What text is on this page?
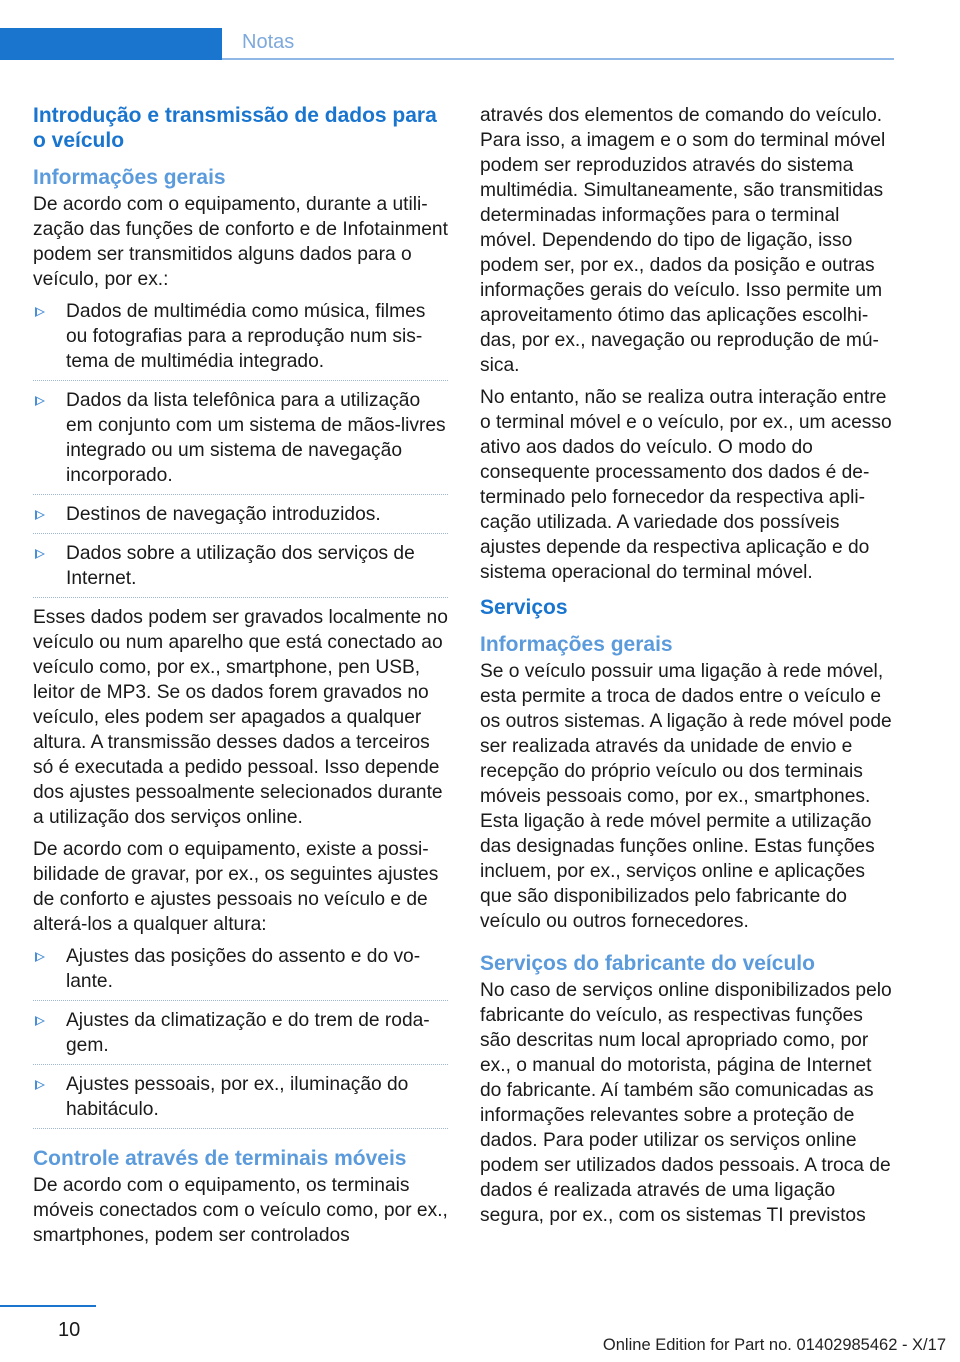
Notas
Introdução e transmissão de dados para o veículo
Informações gerais

De acordo com o equipamento, durante a utilização das funções de conforto e de Infotainment podem ser transmitidos alguns dados para o veículo, por ex.:

Dados de multimédia como música, filmes ou fotografias para a reprodução num sistema de multimédia integrado.
Dados da lista telefônica para a utilização em conjunto com um sistema de mãos-livres integrado ou um sistema de navegação incorporado.
Destinos de navegação introduzidos.
Dados sobre a utilização dos serviços de Internet.

Esses dados podem ser gravados localmente no veículo ou num aparelho que está conectado ao veículo como, por ex., smartphone, pen USB, leitor de MP3. Se os dados forem gravados no veículo, eles podem ser apagados a qualquer altura. A transmissão desses dados a terceiros só é executada a pedido pessoal. Isso depende dos ajustes pessoalmente selecionados durante a utilização dos serviços online.

De acordo com o equipamento, existe a possibilidade de gravar, por ex., os seguintes ajustes de conforto e ajustes pessoais no veículo e de alterá-los a qualquer altura:

Ajustes das posições do assento e do volante.
Ajustes da climatização e do trem de rodagem.
Ajustes pessoais, por ex., iluminação do habitáculo.
Controle através de terminais móveis

De acordo com o equipamento, os terminais móveis conectados com o veículo como, por ex., smartphones, podem ser controlados

através dos elementos de comando do veículo. Para isso, a imagem e o som do terminal móvel podem ser reproduzidos através do sistema multimédia. Simultaneamente, são transmitidas determinadas informações para o terminal móvel. Dependendo do tipo de ligação, isso podem ser, por ex., dados da posição e outras informações gerais do veículo. Isso permite um aproveitamento ótimo das aplicações escolhidas, por ex., navegação ou reprodução de música.

No entanto, não se realiza outra interação entre o terminal móvel e o veículo, por ex., um acesso ativo aos dados do veículo. O modo do consequente processamento dos dados é determinado pelo fornecedor da respectiva aplicação utilizada. A variedade dos possíveis ajustes depende da respectiva aplicação e do sistema operacional do terminal móvel.

Serviços
Informações gerais

Se o veículo possuir uma ligação à rede móvel, esta permite a troca de dados entre o veículo e os outros sistemas. A ligação à rede móvel pode ser realizada através da unidade de envio e recepção do próprio veículo ou dos terminais móveis pessoais como, por ex., smartphones. Esta ligação à rede móvel permite a utilização das designadas funções online. Estas funções incluem, por ex., serviços online e aplicações que são disponibilizados pelo fabricante do veículo ou outros fornecedores.

Serviços do fabricante do veículo

No caso de serviços online disponibilizados pelo fabricante do veículo, as respectivas funções são descritas num local apropriado como, por ex., o manual do motorista, página de Internet do fabricante. Aí também são comunicadas as informações relevantes sobre a proteção de dados. Para poder utilizar os serviços online podem ser utilizados dados pessoais. A troca de dados é realizada através de uma ligação segura, por ex., com os sistemas TI previstos

10
Online Edition for Part no. 01402985462 - X/17
